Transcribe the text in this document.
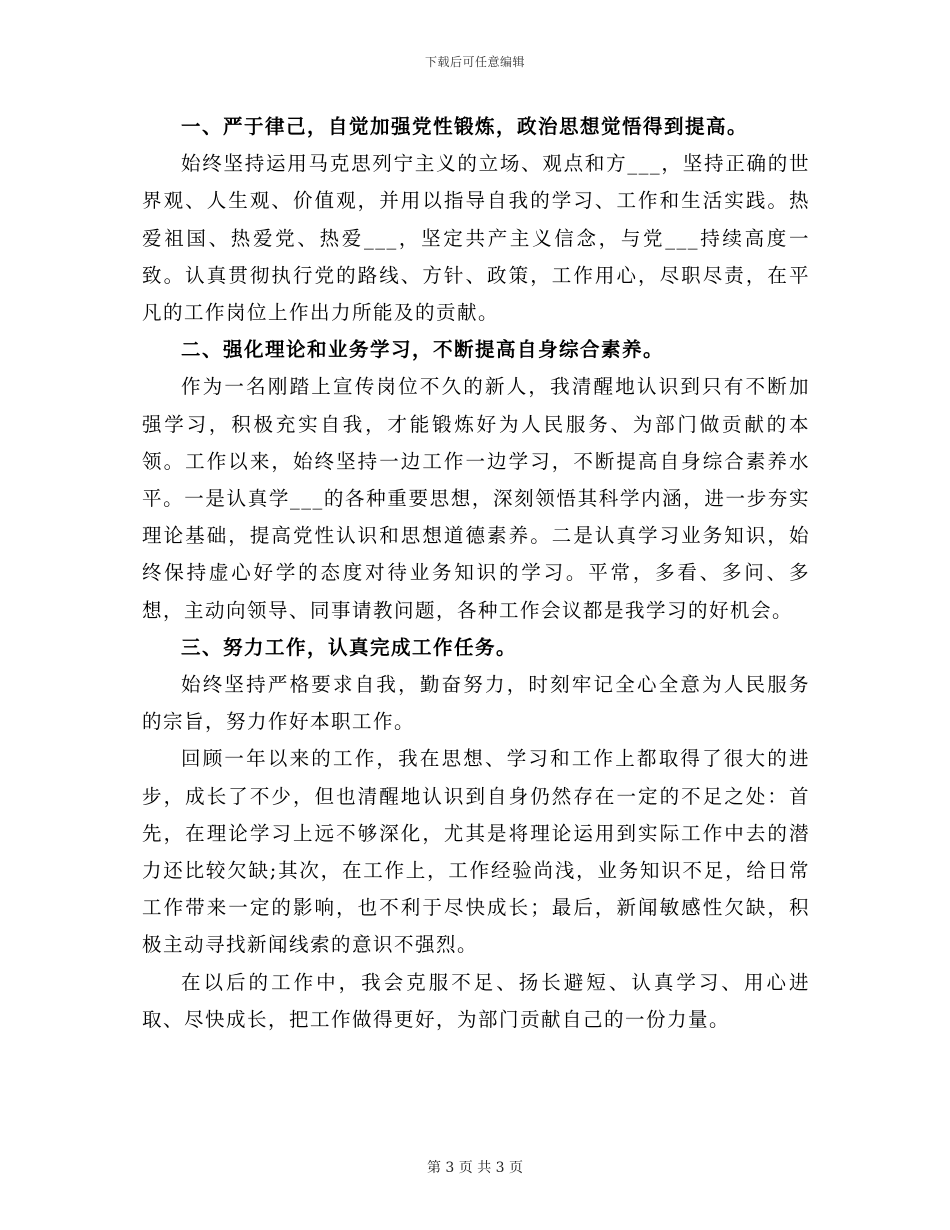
下载后可任意编辑

一、严于律己，自觉加强党性锻炼，政治思想觉悟得到提高。

始终坚持运用马克思列宁主义的立场、观点和方___，坚持正确的世界观、人生观、价值观，并用以指导自我的学习、工作和生活实践。热爱祖国、热爱党、热爱___，坚定共产主义信念，与党___持续高度一致。认真贯彻执行党的路线、方针、政策，工作用心，尽职尽责，在平凡的工作岗位上作出力所能及的贡献。

二、强化理论和业务学习，不断提高自身综合素养。

作为一名刚踏上宣传岗位不久的新人，我清醒地认识到只有不断加强学习，积极充实自我，才能锻炼好为人民服务、为部门做贡献的本领。工作以来，始终坚持一边工作一边学习，不断提高自身综合素养水平。一是认真学___的各种重要思想，深刻领悟其科学内涵，进一步夯实理论基础，提高党性认识和思想道德素养。二是认真学习业务知识，始终保持虚心好学的态度对待业务知识的学习。平常，多看、多问、多想，主动向领导、同事请教问题，各种工作会议都是我学习的好机会。

三、努力工作，认真完成工作任务。

始终坚持严格要求自我，勤奋努力，时刻牢记全心全意为人民服务的宗旨，努力作好本职工作。

回顾一年以来的工作，我在思想、学习和工作上都取得了很大的进步，成长了不少，但也清醒地认识到自身仍然存在一定的不足之处：首先，在理论学习上远不够深化，尤其是将理论运用到实际工作中去的潜力还比较欠缺;其次，在工作上，工作经验尚浅，业务知识不足，给日常工作带来一定的影响，也不利于尽快成长；最后，新闻敏感性欠缺，积极主动寻找新闻线索的意识不强烈。

在以后的工作中，我会克服不足、扬长避短、认真学习、用心进取、尽快成长，把工作做得更好，为部门贡献自己的一份力量。

第 3 页 共 3 页
